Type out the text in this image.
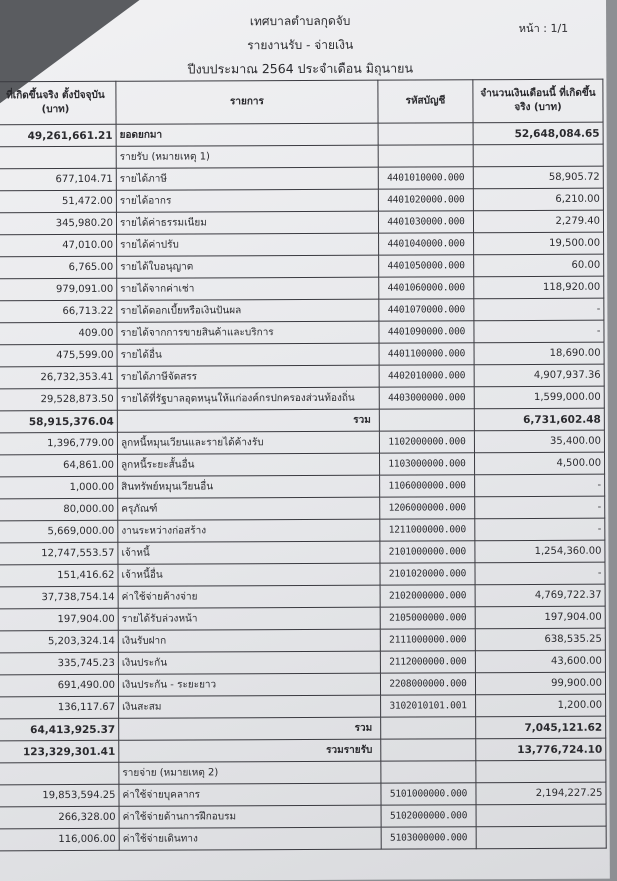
เทศบาลตำบลกุดจับ
รายงานรับ - จ่ายเงิน
ปีงบประมาณ 2564 ประจำเดือน มิถุนายน
หน้า : 1/1
ที่เกิดขึ้นจริง ตั้งปัจจุบัน (บาท)	รายการ	รหัสบัญชี	จำนวนเงินเดือนนี้ ที่เกิดขึ้นจริง (บาท)
49,261,661.21	ยอดยกมา		52,648,084.65
	รายรับ (หมายเหตุ 1)		
677,104.71	รายได้ภาษี	4401010000.000	58,905.72
51,472.00	รายได้อากร	4401020000.000	6,210.00
345,980.20	รายได้ค่าธรรมเนียม	4401030000.000	2,279.40
47,010.00	รายได้ค่าปรับ	4401040000.000	19,500.00
6,765.00	รายได้ใบอนุญาต	4401050000.000	60.00
979,091.00	รายได้จากค่าเช่า	4401060000.000	118,920.00
66,713.22	รายได้ดอกเบี้ยหรือเงินปันผล	4401070000.000	-
409.00	รายได้จากการขายสินค้าและบริการ	4401090000.000	-
475,599.00	รายได้อื่น	4401100000.000	18,690.00
26,732,353.41	รายได้ภาษีจัดสรร	4402010000.000	4,907,937.36
29,528,873.50	รายได้ที่รัฐบาลอุดหนุนให้แก่องค์กรปกครองส่วนท้องถิ่น	4403000000.000	1,599,000.00
58,915,376.04	รวม		6,731,602.48
1,396,779.00	ลูกหนี้หมุนเวียนและรายได้ค้างรับ	1102000000.000	35,400.00
64,861.00	ลูกหนี้ระยะสั้นอื่น	1103000000.000	4,500.00
1,000.00	สินทรัพย์หมุนเวียนอื่น	1106000000.000	-
80,000.00	ครุภัณฑ์	1206000000.000	-
5,669,000.00	งานระหว่างก่อสร้าง	1211000000.000	-
12,747,553.57	เจ้าหนี้	2101000000.000	1,254,360.00
151,416.62	เจ้าหนี้อื่น	2101020000.000	-
37,738,754.14	ค่าใช้จ่ายค้างจ่าย	2102000000.000	4,769,722.37
197,904.00	รายได้รับล่วงหน้า	2105000000.000	197,904.00
5,203,324.14	เงินรับฝาก	2111000000.000	638,535.25
335,745.23	เงินประกัน	2112000000.000	43,600.00
691,490.00	เงินประกัน - ระยะยาว	2208000000.000	99,900.00
136,117.67	เงินสะสม	3102010101.001	1,200.00
64,413,925.37	รวม		7,045,121.62
123,329,301.41	รวมรายรับ		13,776,724.10
	รายจ่าย (หมายเหตุ 2)		
19,853,594.25	ค่าใช้จ่ายบุคลากร	5101000000.000	2,194,227.25
266,328.00	ค่าใช้จ่ายด้านการฝึกอบรม	5102000000.000	
116,006.00	ค่าใช้จ่ายเดินทาง	5103000000.000	
